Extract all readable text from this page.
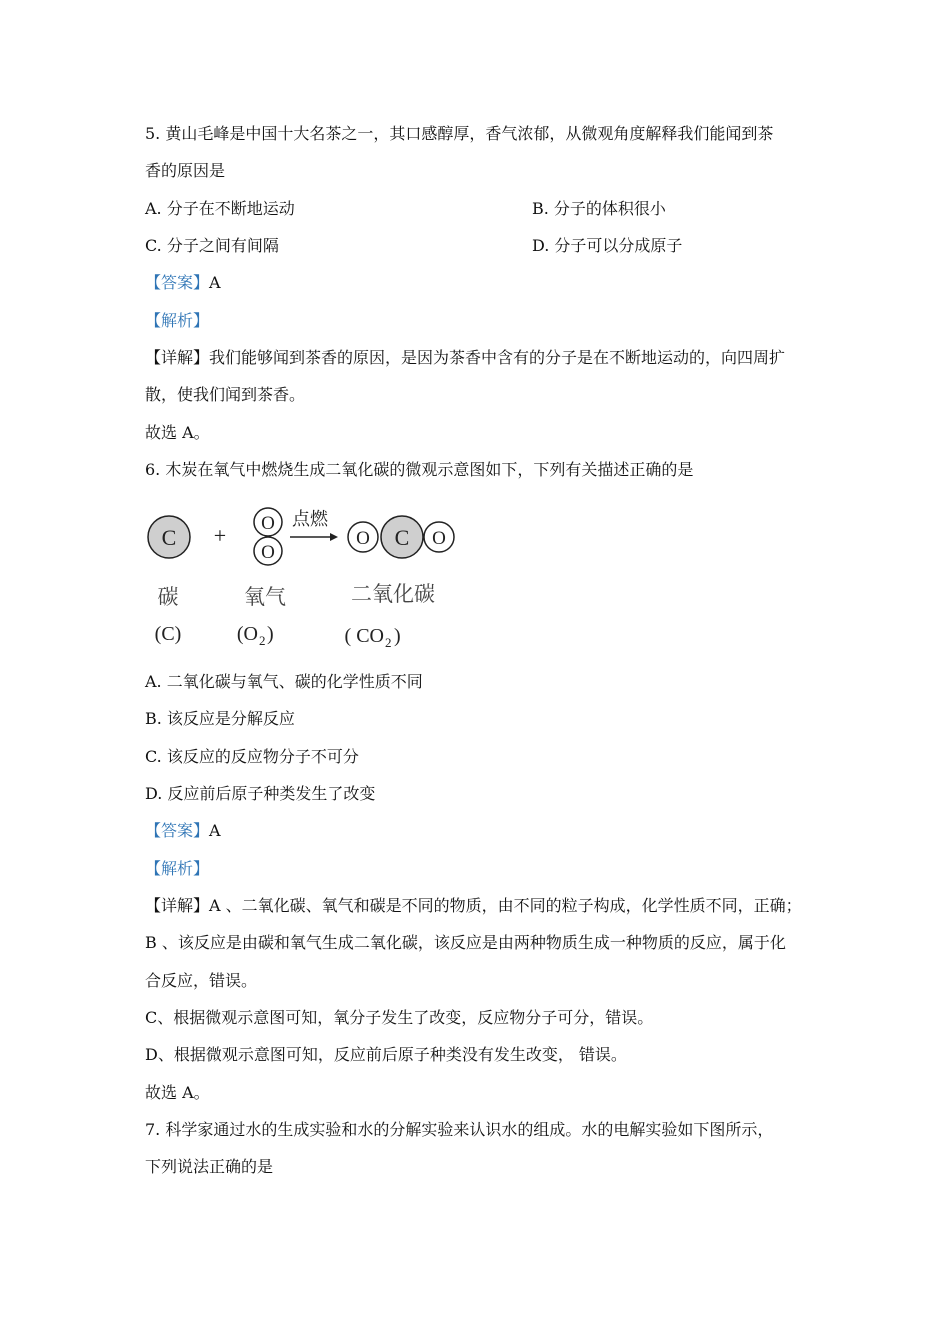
5. 黄山毛峰是中国十大名茶之一，其口感醇厚，香气浓郁，从微观角度解释我们能闻到茶
香的原因是
A. 分子在不断地运动	B. 分子的体积很小
C. 分子之间有间隔	D. 分子可以分成原子
【答案】A
【解析】
【详解】我们能够闻到茶香的原因，是因为茶香中含有的分子是在不断地运动的，向四周扩
散，使我们闻到茶香。
故选 A。
6. 木炭在氧气中燃烧生成二氧化碳的微观示意图如下，下列有关描述正确的是
C + O
O
点燃
O C O
碳	氧气	二氧化碳
(C)	(O 2 )	( CO 2 )
A. 二氧化碳与氧气、碳的化学性质不同
B. 该反应是分解反应
C. 该反应的反应物分子不可分
D. 反应前后原子种类发生了改变
【答案】A
【解析】
【详解】A 、二氧化碳、氧气和碳是不同的物质，由不同的粒子构成，化学性质不同，正确；
B 、该反应是由碳和氧气生成二氧化碳，该反应是由两种物质生成一种物质的反应，属于化
合反应，错误。
C、根据微观示意图可知，氧分子发生了改变，反应物分子可分，错误。
D、根据微观示意图可知，反应前后原子种类没有发生改变， 错误。
故选 A。
7. 科学家通过水的生成实验和水的分解实验来认识水的组成。水的电解实验如下图所示，
下列说法正确的是
